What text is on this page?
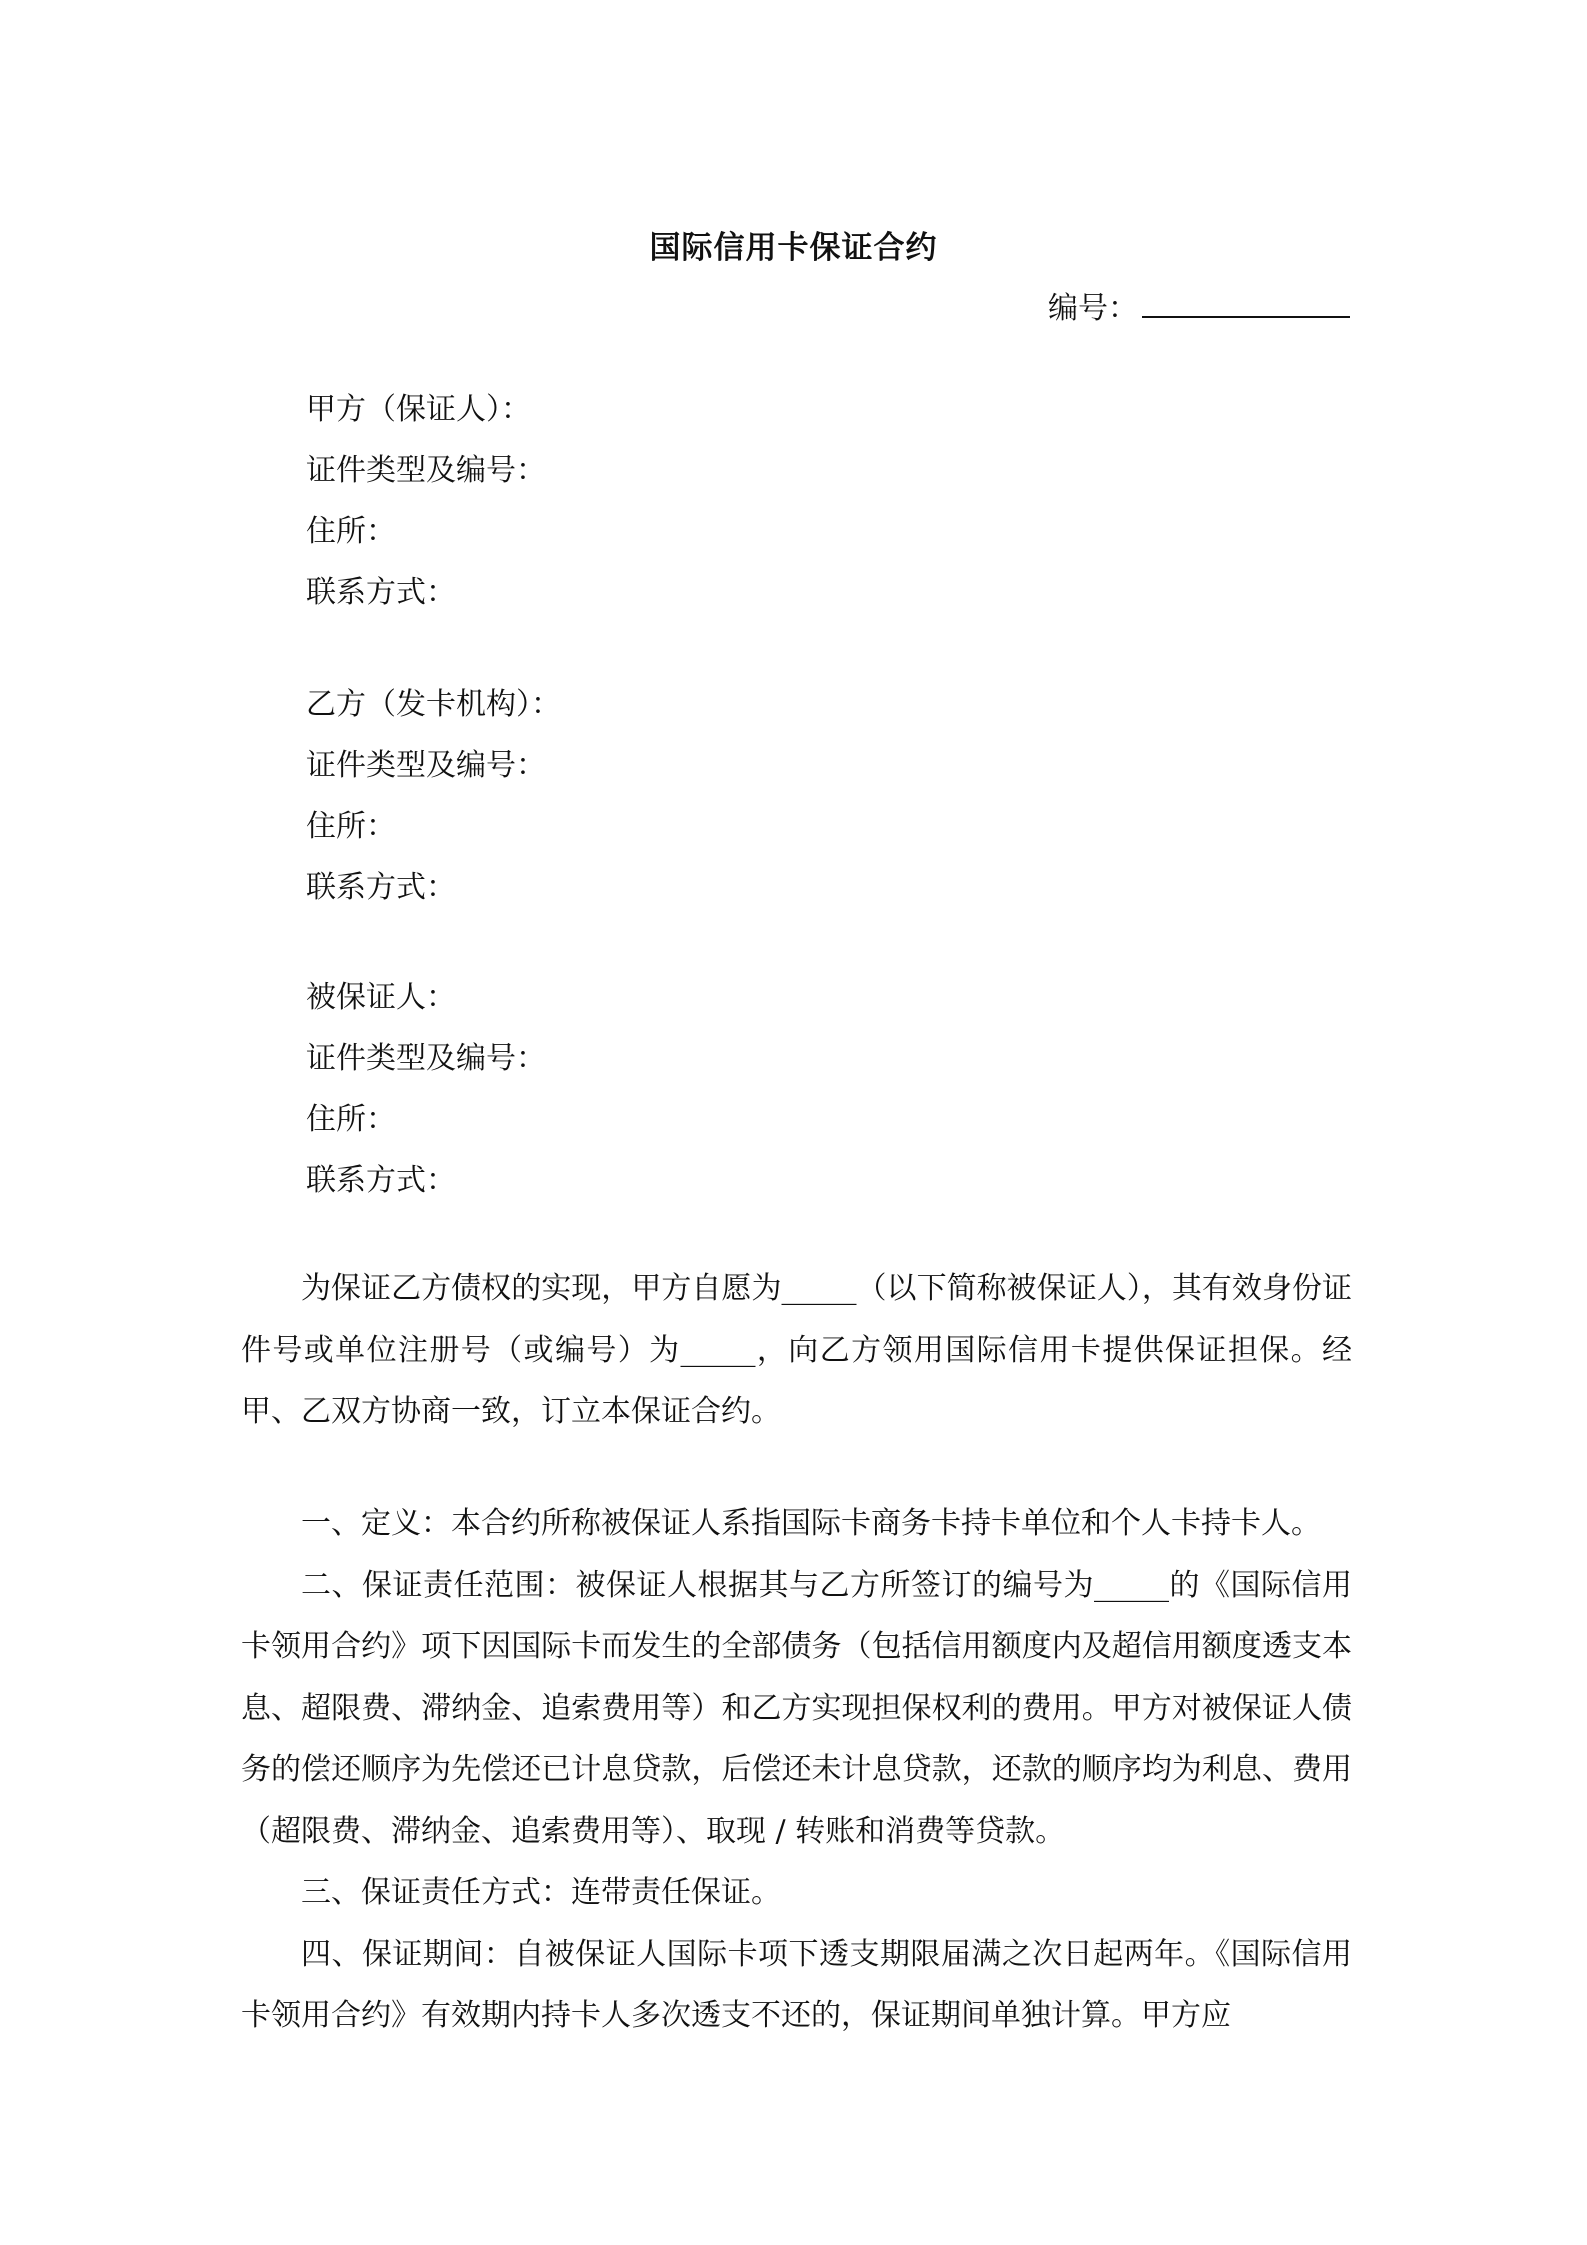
国际信用卡保证合约
编号：
甲方（保证人）：
证件类型及编号：
住所：
联系方式：
乙方（发卡机构）：
证件类型及编号：
住所：
联系方式：
被保证人：
证件类型及编号：
住所：
联系方式：

为保证乙方债权的实现，甲方自愿为_____（以下简称被保证人），其有效身份证件号或单位注册号（或编号）为_____，向乙方领用国际信用卡提供保证担保。经甲、乙双方协商一致，订立本保证合约。

一、定义：本合约所称被保证人系指国际卡商务卡持卡单位和个人卡持卡人。

二、保证责任范围：被保证人根据其与乙方所签订的编号为_____的《国际信用卡领用合约》项下因国际卡而发生的全部债务（包括信用额度内及超信用额度透支本息、超限费、滞纳金、追索费用等）和乙方实现担保权利的费用。甲方对被保证人债务的偿还顺序为先偿还已计息贷款，后偿还未计息贷款，还款的顺序均为利息、费用（超限费、滞纳金、追索费用等）、取现 / 转账和消费等贷款。

三、保证责任方式：连带责任保证。

四、保证期间：自被保证人国际卡项下透支期限届满之次日起两年。《国际信用卡领用合约》有效期内持卡人多次透支不还的，保证期间单独计算。甲方应
